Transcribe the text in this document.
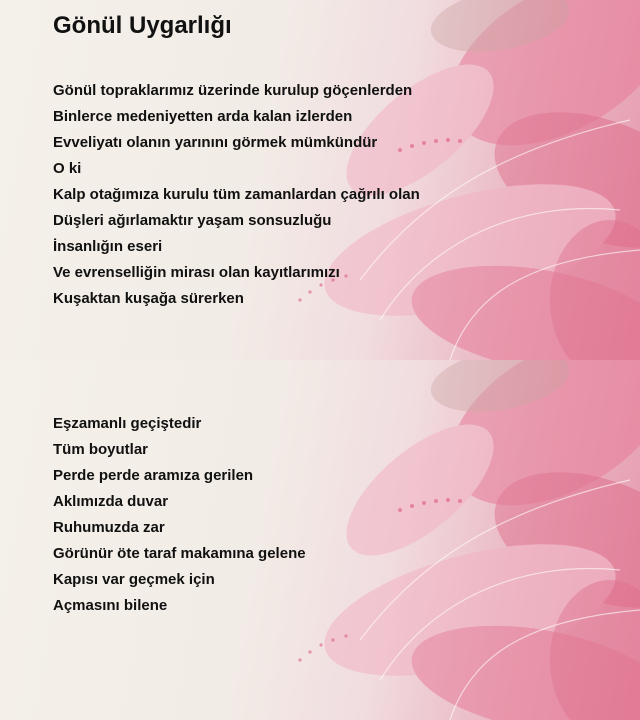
Gönül Uygarlığı
Gönül topraklarımız üzerinde kurulup göçenlerden
Binlerce medeniyetten arda kalan izlerden
Evveliyatı olanın yarınını görmek mümkündür
O ki
Kalp otağımıza kurulu tüm zamanlardan çağrılı olan
Düşleri ağırlamaktır yaşam sonsuzluğu
İnsanlığın eseri
Ve evrenselliğin mirası olan kayıtlarımızı
Kuşaktan kuşağa sürerken
Eşzamanlı geçiştedir
Tüm boyutlar
Perde perde aramıza gerilen
Aklımızda duvar
Ruhumuzda zar
Görünür öte taraf makamına gelene
Kapısı var geçmek için
Açmasını bilene
